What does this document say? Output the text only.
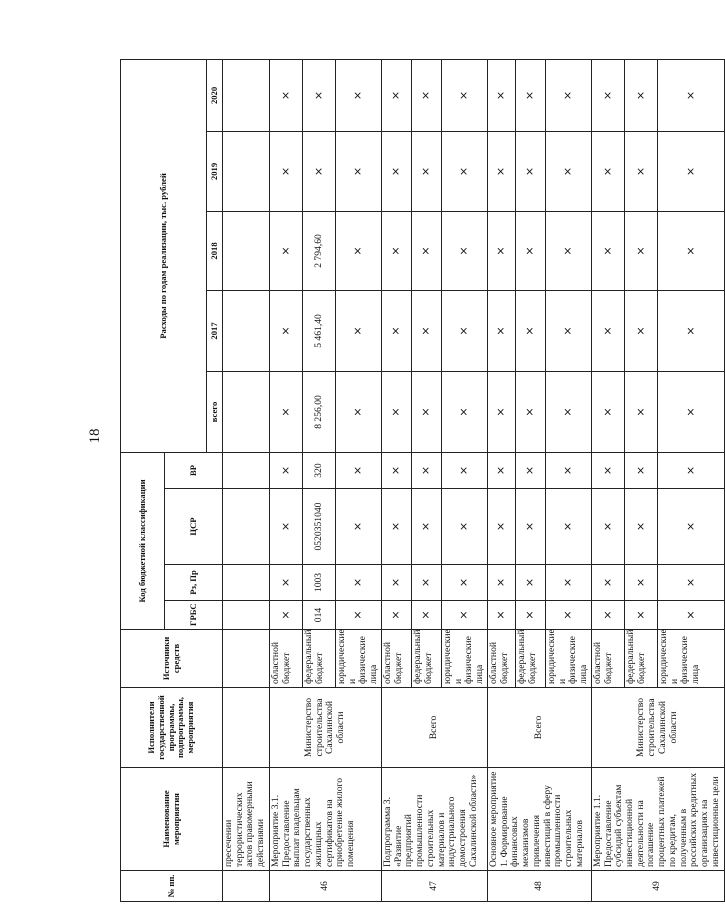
18
№ пп.	Наименование мероприятия	Исполнители государственной программы, подпрограммы, мероприятия	Источники средств	Код бюджетной классификации				Расходы по годам реализации, тыс. рублей				
				ГРБС	Рз, Пр	ЦСР	ВР					
								всего	2017	2018	2019	2020
	пресечении террористических актов правомерными действиями											
46	Мероприятие 3.1. Предоставление выплат владельцам государственных жилищных сертификатов на приобретение жилого помещения	Министерство строительства Сахалинской области	областной бюджет	×	×	×	×	×	×	×	×	×
			федеральный бюджет	014	1003	0520351040	320	8 256,00	5 461,40	2 794,60	×	×
			юридические и физические лица	×	×	×	×	×	×	×	×	×
47	Подпрограмма 3. «Развитие предприятий промышленности строительных материалов и индустриального домостроения Сахалинской области»	Всего	областной бюджет	×	×	×	×	×	×	×	×	×
			федеральный бюджет	×	×	×	×	×	×	×	×	×
			юридические и физические лица	×	×	×	×	×	×	×	×	×
48	Основное мероприятие 1. Формирование финансовых механизмов привлечения инвестиций в сферу промышленности строительных материалов	Всего	областной бюджет	×	×	×	×	×	×	×	×	×
			федеральный бюджет	×	×	×	×	×	×	×	×	×
			юридические и физические лица	×	×	×	×	×	×	×	×	×
49	Мероприятие 1.1. Предоставление субсидий субъектам инвестиционной деятельности на погашение процентных платежей по кредитам, полученным в российских кредитных организациях на инвестиционные цели	Министерство строительства Сахалинской области	областной бюджет	×	×	×	×	×	×	×	×	×
			федеральный бюджет	×	×	×	×	×	×	×	×	×
			юридические и физические лица	×	×	×	×	×	×	×	×	×
